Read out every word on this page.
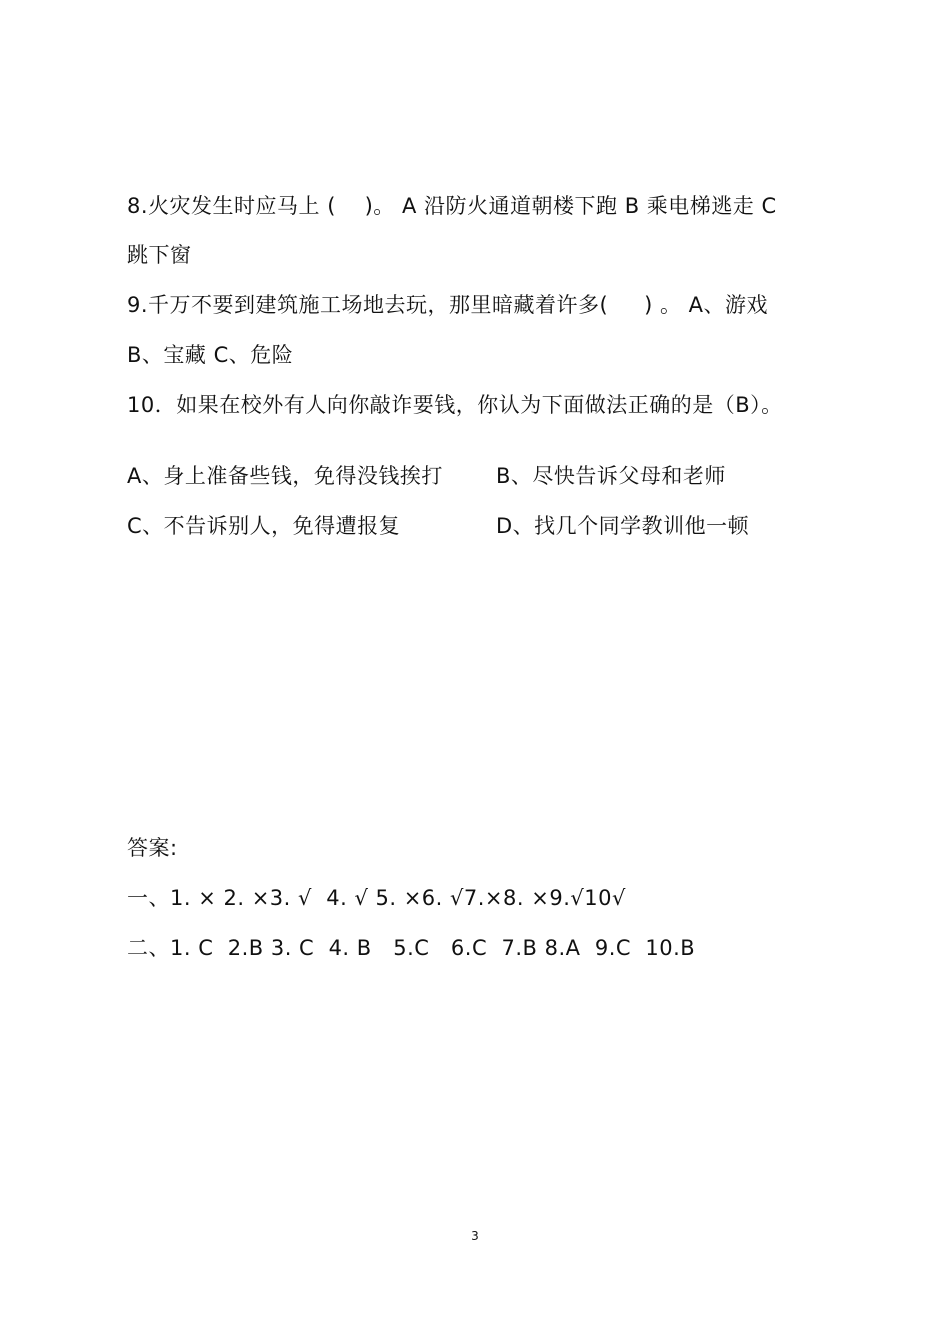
8.火灾发生时应马上 (    )。 A 沿防火通道朝楼下跑 B 乘电梯逃走 C
跳下窗
9.千万不要到建筑施工场地去玩，那里暗藏着许多(     ) 。 A、游戏
B、宝藏 C、危险
10．如果在校外有人向你敲诈要钱，你认为下面做法正确的是（B）。
A、身上准备些钱，免得没钱挨打	B、尽快告诉父母和老师
C、不告诉别人，免得遭报复	D、找几个同学教训他一顿
答案:
一、1. × 2. ×3. √  4. √ 5. ×6. √7.×8. ×9.√10√
二、1. C  2.B 3. C  4. B   5.C   6.C  7.B 8.A  9.C  10.B
3
